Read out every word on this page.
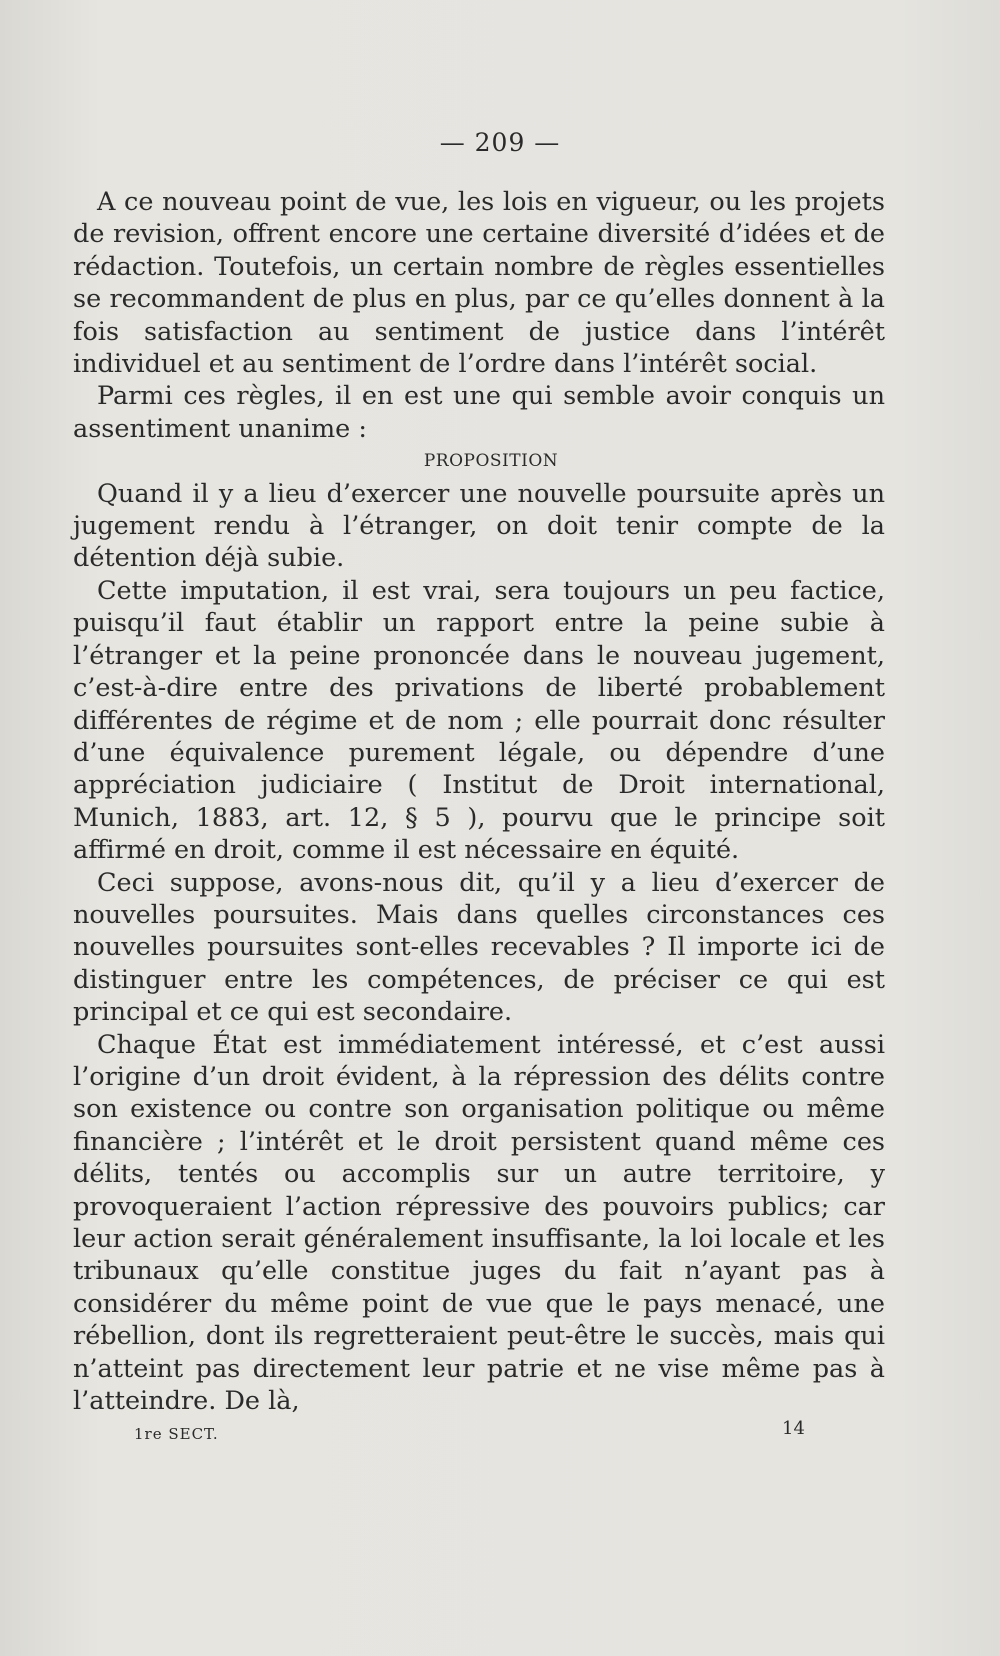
— 209 —

A ce nouveau point de vue, les lois en vigueur, ou les projets de revision, offrent encore une certaine diversité d’idées et de rédaction. Toutefois, un certain nombre de règles essentielles se recommandent de plus en plus, par ce qu’elles donnent à la fois satisfaction au sentiment de justice dans l’intérêt individuel et au sentiment de l’ordre dans l’intérêt social.

Parmi ces règles, il en est une qui semble avoir conquis un assentiment unanime :

PROPOSITION

Quand il y a lieu d’exercer une nouvelle poursuite après un jugement rendu à l’étranger, on doit tenir compte de la détention déjà subie.

Cette imputation, il est vrai, sera toujours un peu factice, puisqu’il faut établir un rapport entre la peine subie à l’étranger et la peine prononcée dans le nouveau jugement, c’est-à-dire entre des privations de liberté probablement différentes de régime et de nom ; elle pourrait donc résulter d’une équivalence purement légale, ou dépendre d’une appréciation judiciaire ( Institut de Droit international, Munich, 1883, art. 12, § 5 ), pourvu que le principe soit affirmé en droit, comme il est nécessaire en équité.

Ceci suppose, avons-nous dit, qu’il y a lieu d’exercer de nouvelles poursuites. Mais dans quelles circonstances ces nouvelles poursuites sont-elles recevables ? Il importe ici de distinguer entre les compétences, de préciser ce qui est principal et ce qui est secondaire.

Chaque État est immédiatement intéressé, et c’est aussi l’origine d’un droit évident, à la répression des délits contre son existence ou contre son organisation politique ou même financière ; l’intérêt et le droit persistent quand même ces délits, tentés ou accomplis sur un autre territoire, y provoqueraient l’action répressive des pouvoirs publics; car leur action serait généralement insuffisante, la loi locale et les tribunaux qu’elle constitue juges du fait n’ayant pas à considérer du même point de vue que le pays menacé, une rébellion, dont ils regretteraient peut-être le succès, mais qui n’atteint pas directement leur patrie et ne vise même pas à l’atteindre. De là,

1re SECT.	14
